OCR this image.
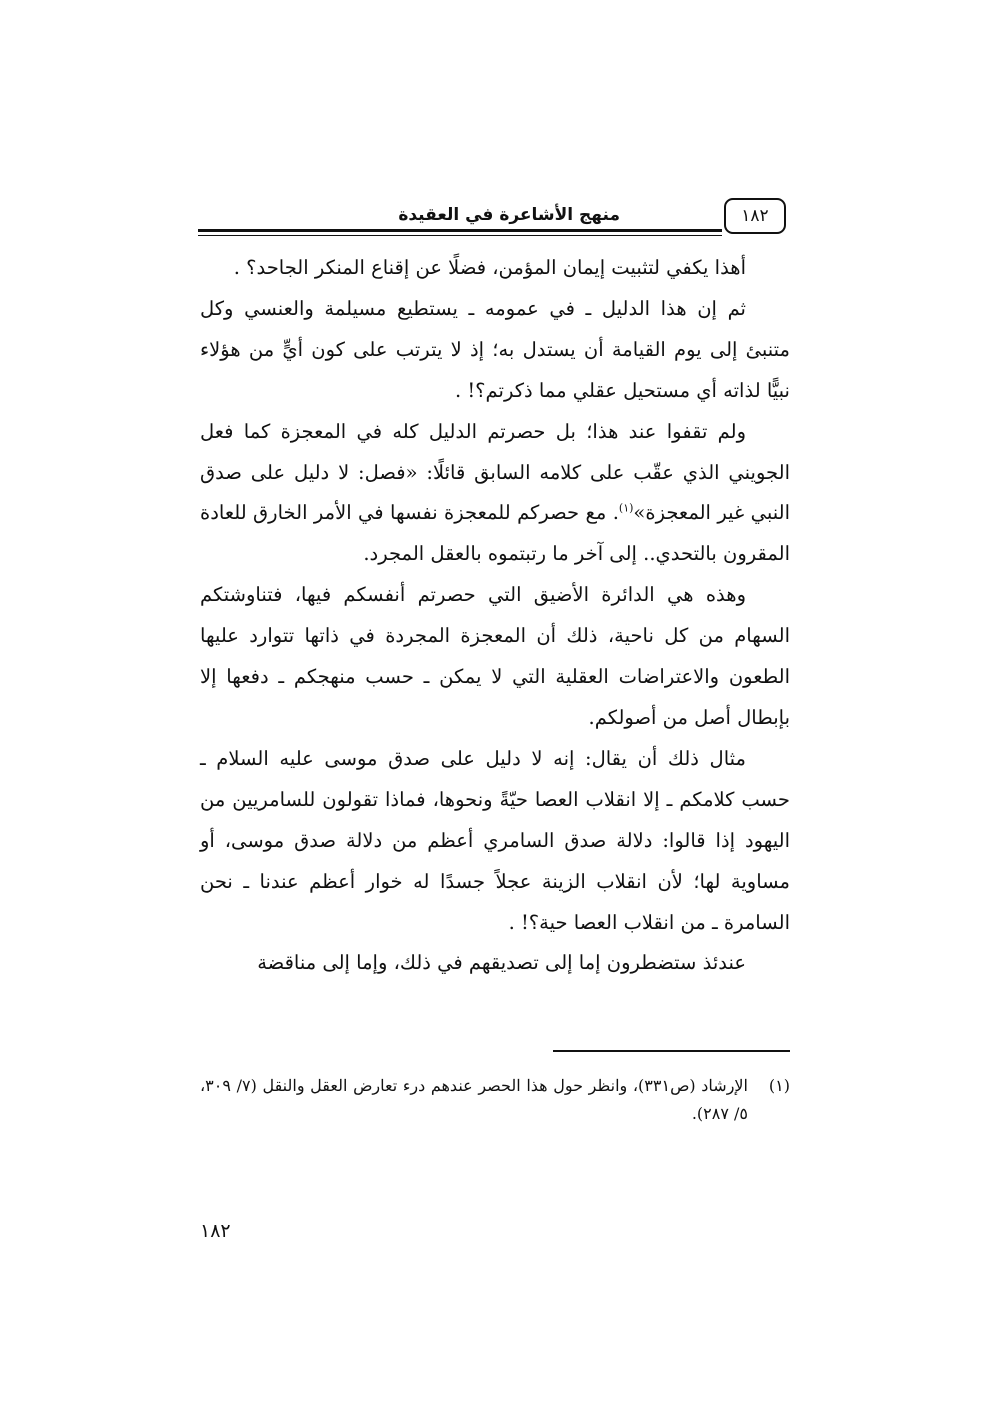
منهج الأشاعرة في العقيدة	١٨٢

أهذا يكفي لتثبيت إيمان المؤمن، فضلًا عن إقناع المنكر الجاحد؟ .

ثم إن هذا الدليل ـ في عمومه ـ يستطيع مسيلمة والعنسي وكل متنبئ إلى يوم القيامة أن يستدل به؛ إذ لا يترتب على كون أيٍّ من هؤلاء نبيًّا لذاته أي مستحيل عقلي مما ذكرتم؟! .

ولم تقفوا عند هذا؛ بل حصرتم الدليل كله في المعجزة كما فعل الجويني الذي عقّب على كلامه السابق قائلًا: «فصل: لا دليل على صدق النبي غير المعجزة»$^{(١)}$. مع حصركم للمعجزة نفسها في الأمر الخارق للعادة المقرون بالتحدي.. إلى آخر ما رتبتموه بالعقل المجرد.

وهذه هي الدائرة الأضيق التي حصرتم أنفسكم فيها، فتناوشتكم السهام من كل ناحية، ذلك أن المعجزة المجردة في ذاتها تتوارد عليها الطعون والاعتراضات العقلية التي لا يمكن ـ حسب منهجكم ـ دفعها إلا بإبطال أصل من أصولكم.

مثال ذلك أن يقال: إنه لا دليل على صدق موسى عليه السلام ـ حسب كلامكم ـ إلا انقلاب العصا حيّةً ونحوها، فماذا تقولون للسامريين من اليهود إذا قالوا: دلالة صدق السامري أعظم من دلالة صدق موسى، أو مساوية لها؛ لأن انقلاب الزينة عجلاً جسدًا له خوار أعظم عندنا ـ نحن السامرة ـ من انقلاب العصا حية؟! .

عندئذ ستضطرون إما إلى تصديقهم في ذلك، وإما إلى مناقضة

(١)
الإرشاد (ص٣٣١)، وانظر حول هذا الحصر عندهم درء تعارض العقل والنقل (٧/ ٣٠٩، ٥/ ٢٨٧).
١٨٢
